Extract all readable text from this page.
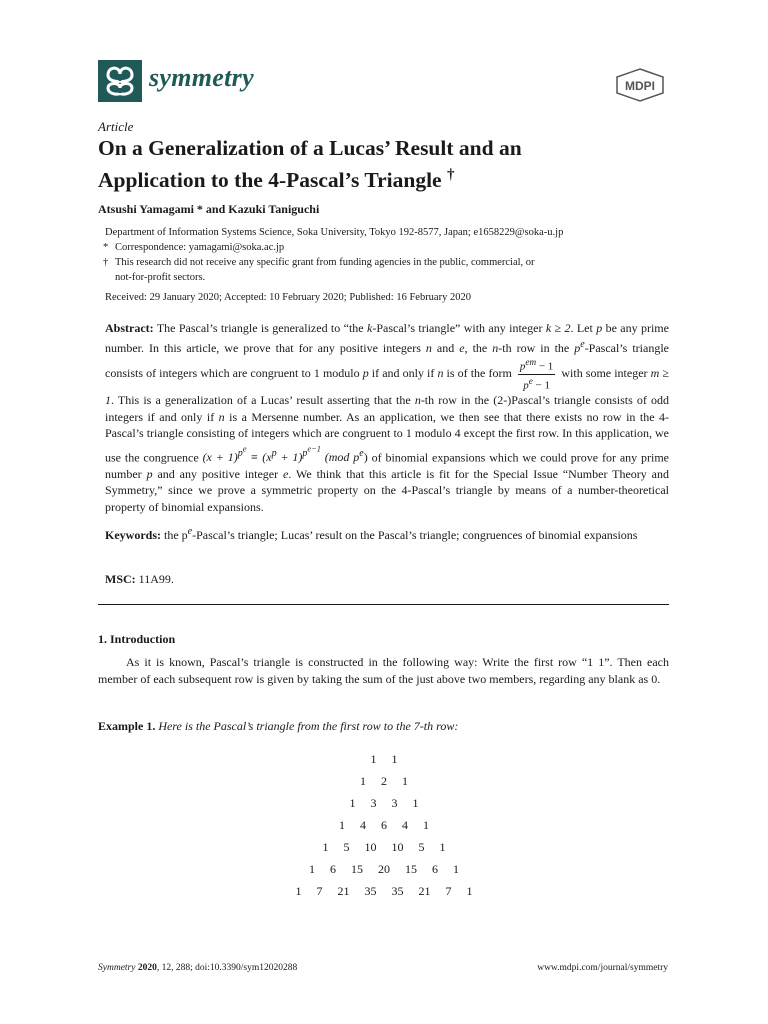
symmetry	MDPI
Article
On a Generalization of a Lucas’ Result and an
Application to the 4-Pascal’s Triangle †
Atsushi Yamagami * and Kazuki Taniguchi
Department of Information Systems Science, Soka University, Tokyo 192-8577, Japan; e1658229@soka-u.jp
* Correspondence: yamagami@soka.ac.jp
† This research did not receive any specific grant from funding agencies in the public, commercial, or
not-for-profit sectors.
Received: 29 January 2020; Accepted: 10 February 2020; Published: 16 February 2020
Abstract: The Pascal’s triangle is generalized to “the k-Pascal’s triangle” with any integer k ≥ 2. Let p be any prime number. In this article, we prove that for any positive integers n and e, the n-th row in the $p^e-Pascal’s$ triangle consists of integers which are congruent to 1 modulo p if and only if n is of the form $\frac{p^{em} - 1}{p^e - 1}$ with some integer m ≥ 1. This is a generalization of a Lucas’ result asserting that the n-th row in the (2-)Pascal’s triangle consists of odd integers if and only if n is a Mersenne number. As an application, we then see that there exists no row in the 4-Pascal’s triangle consisting of integers which are congruent to 1 modulo 4 except the first row. In this application, we use the congruence $(x + 1)^{p^e} \equiv (x^p + 1)^{p^{e-1}}$ (mod $p^e$) of binomial expansions which we could prove for any prime number p and any positive integer e. We think that this article is fit for the Special Issue “Number Theory and Symmetry,” since we prove a symmetric property on the 4-Pascal’s triangle by means of a number-theoretical property of binomial expansions.
Keywords: the $p^e-Pascal’s$ triangle; Lucas’ result on the Pascal’s triangle; congruences of binomial expansions
MSC: 11A99.
1. Introduction
As it is known, Pascal’s triangle is constructed in the following way: Write the first row “1 1”. Then each member of each subsequent row is given by taking the sum of the just above two members, regarding any blank as 0.
Example 1. Here is the Pascal’s triangle from the first row to the 7-th row:
1 1
1 2 1
1 3 3 1
1 4 6 4 1
1 5 10 10 5 1
1 6 15 20 15 6 1
1 7 21 35 35 21 7 1
Symmetry 2020, 12, 288; doi:10.3390/sym12020288	www.mdpi.com/journal/symmetry
